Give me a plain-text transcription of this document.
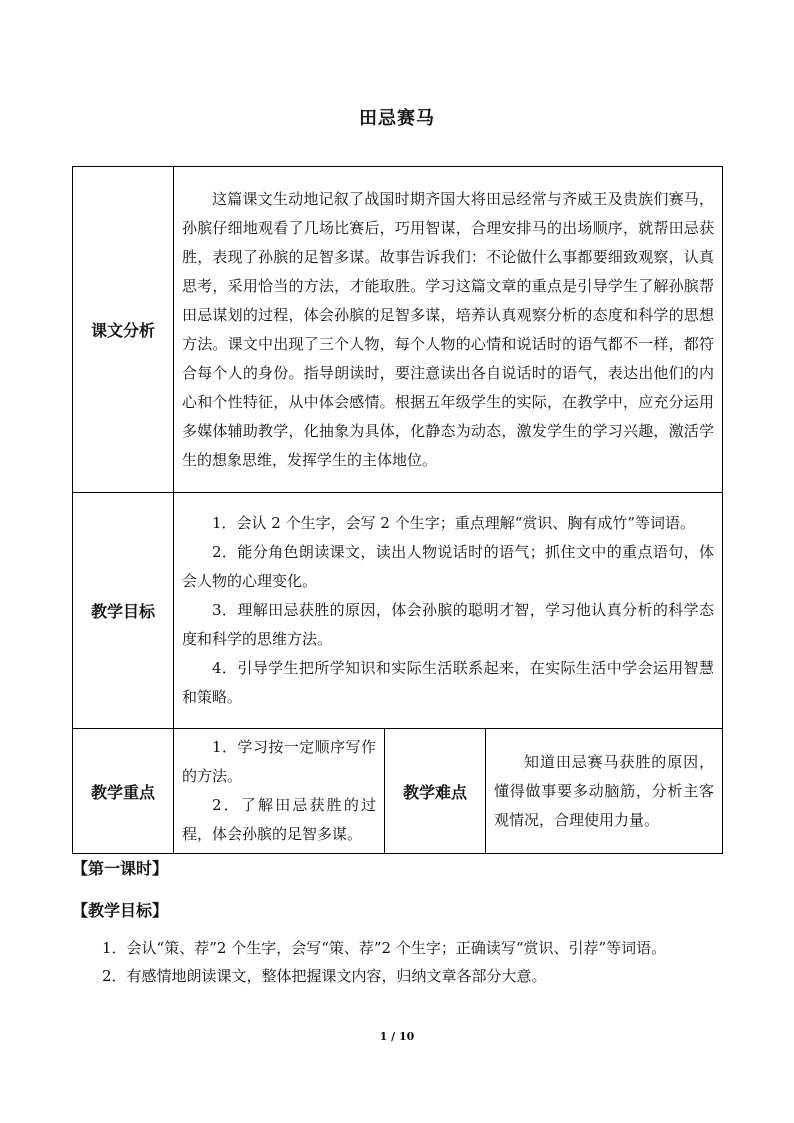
田忌赛马
课文分析	这篇课文生动地记叙了战国时期齐国大将田忌经常与齐威王及贵族们赛马，孙膑仔细地观看了几场比赛后，巧用智谋，合理安排马的出场顺序，就帮田忌获胜，表现了孙膑的足智多谋。故事告诉我们：不论做什么事都要细致观察，认真思考，采用恰当的方法，才能取胜。学习这篇文章的重点是引导学生了解孙膑帮田忌谋划的过程，体会孙膑的足智多谋，培养认真观察分析的态度和科学的思想方法。课文中出现了三个人物，每个人物的心情和说话时的语气都不一样，都符合每个人的身份。指导朗读时，要注意读出各自说话时的语气，表达出他们的内心和个性特征，从中体会感情。根据五年级学生的实际，在教学中，应充分运用多媒体辅助教学，化抽象为具体，化静态为动态，激发学生的学习兴趣，激活学生的想象思维，发挥学生的主体地位。		

教学目标	1．会认 2 个生字，会写 2 个生字；重点理解“赏识、胸有成竹”等词语。

2．能分角色朗读课文，读出人物说话时的语气；抓住文中的重点语句，体会人物的心理变化。

3．理解田忌获胜的原因，体会孙膑的聪明才智，学习他认真分析的科学态度和科学的思维方法。

4．引导学生把所学知识和实际生活联系起来，在实际生活中学会运用智慧和策略。		

教学重点	1．学习按一定顺序写作的方法。

2．了解田忌获胜的过程，体会孙膑的足智多谋。	教学难点	知道田忌赛马获胜的原因，懂得做事要多动脑筋，分析主客观情况，合理使用力量。

【第一课时】
【教学目标】

1．会认“策、荐”2 个生字，会写“策、荐”2 个生字；正确读写“赏识、引荐”等词语。

2．有感情地朗读课文，整体把握课文内容，归纳文章各部分大意。

1 / 10
